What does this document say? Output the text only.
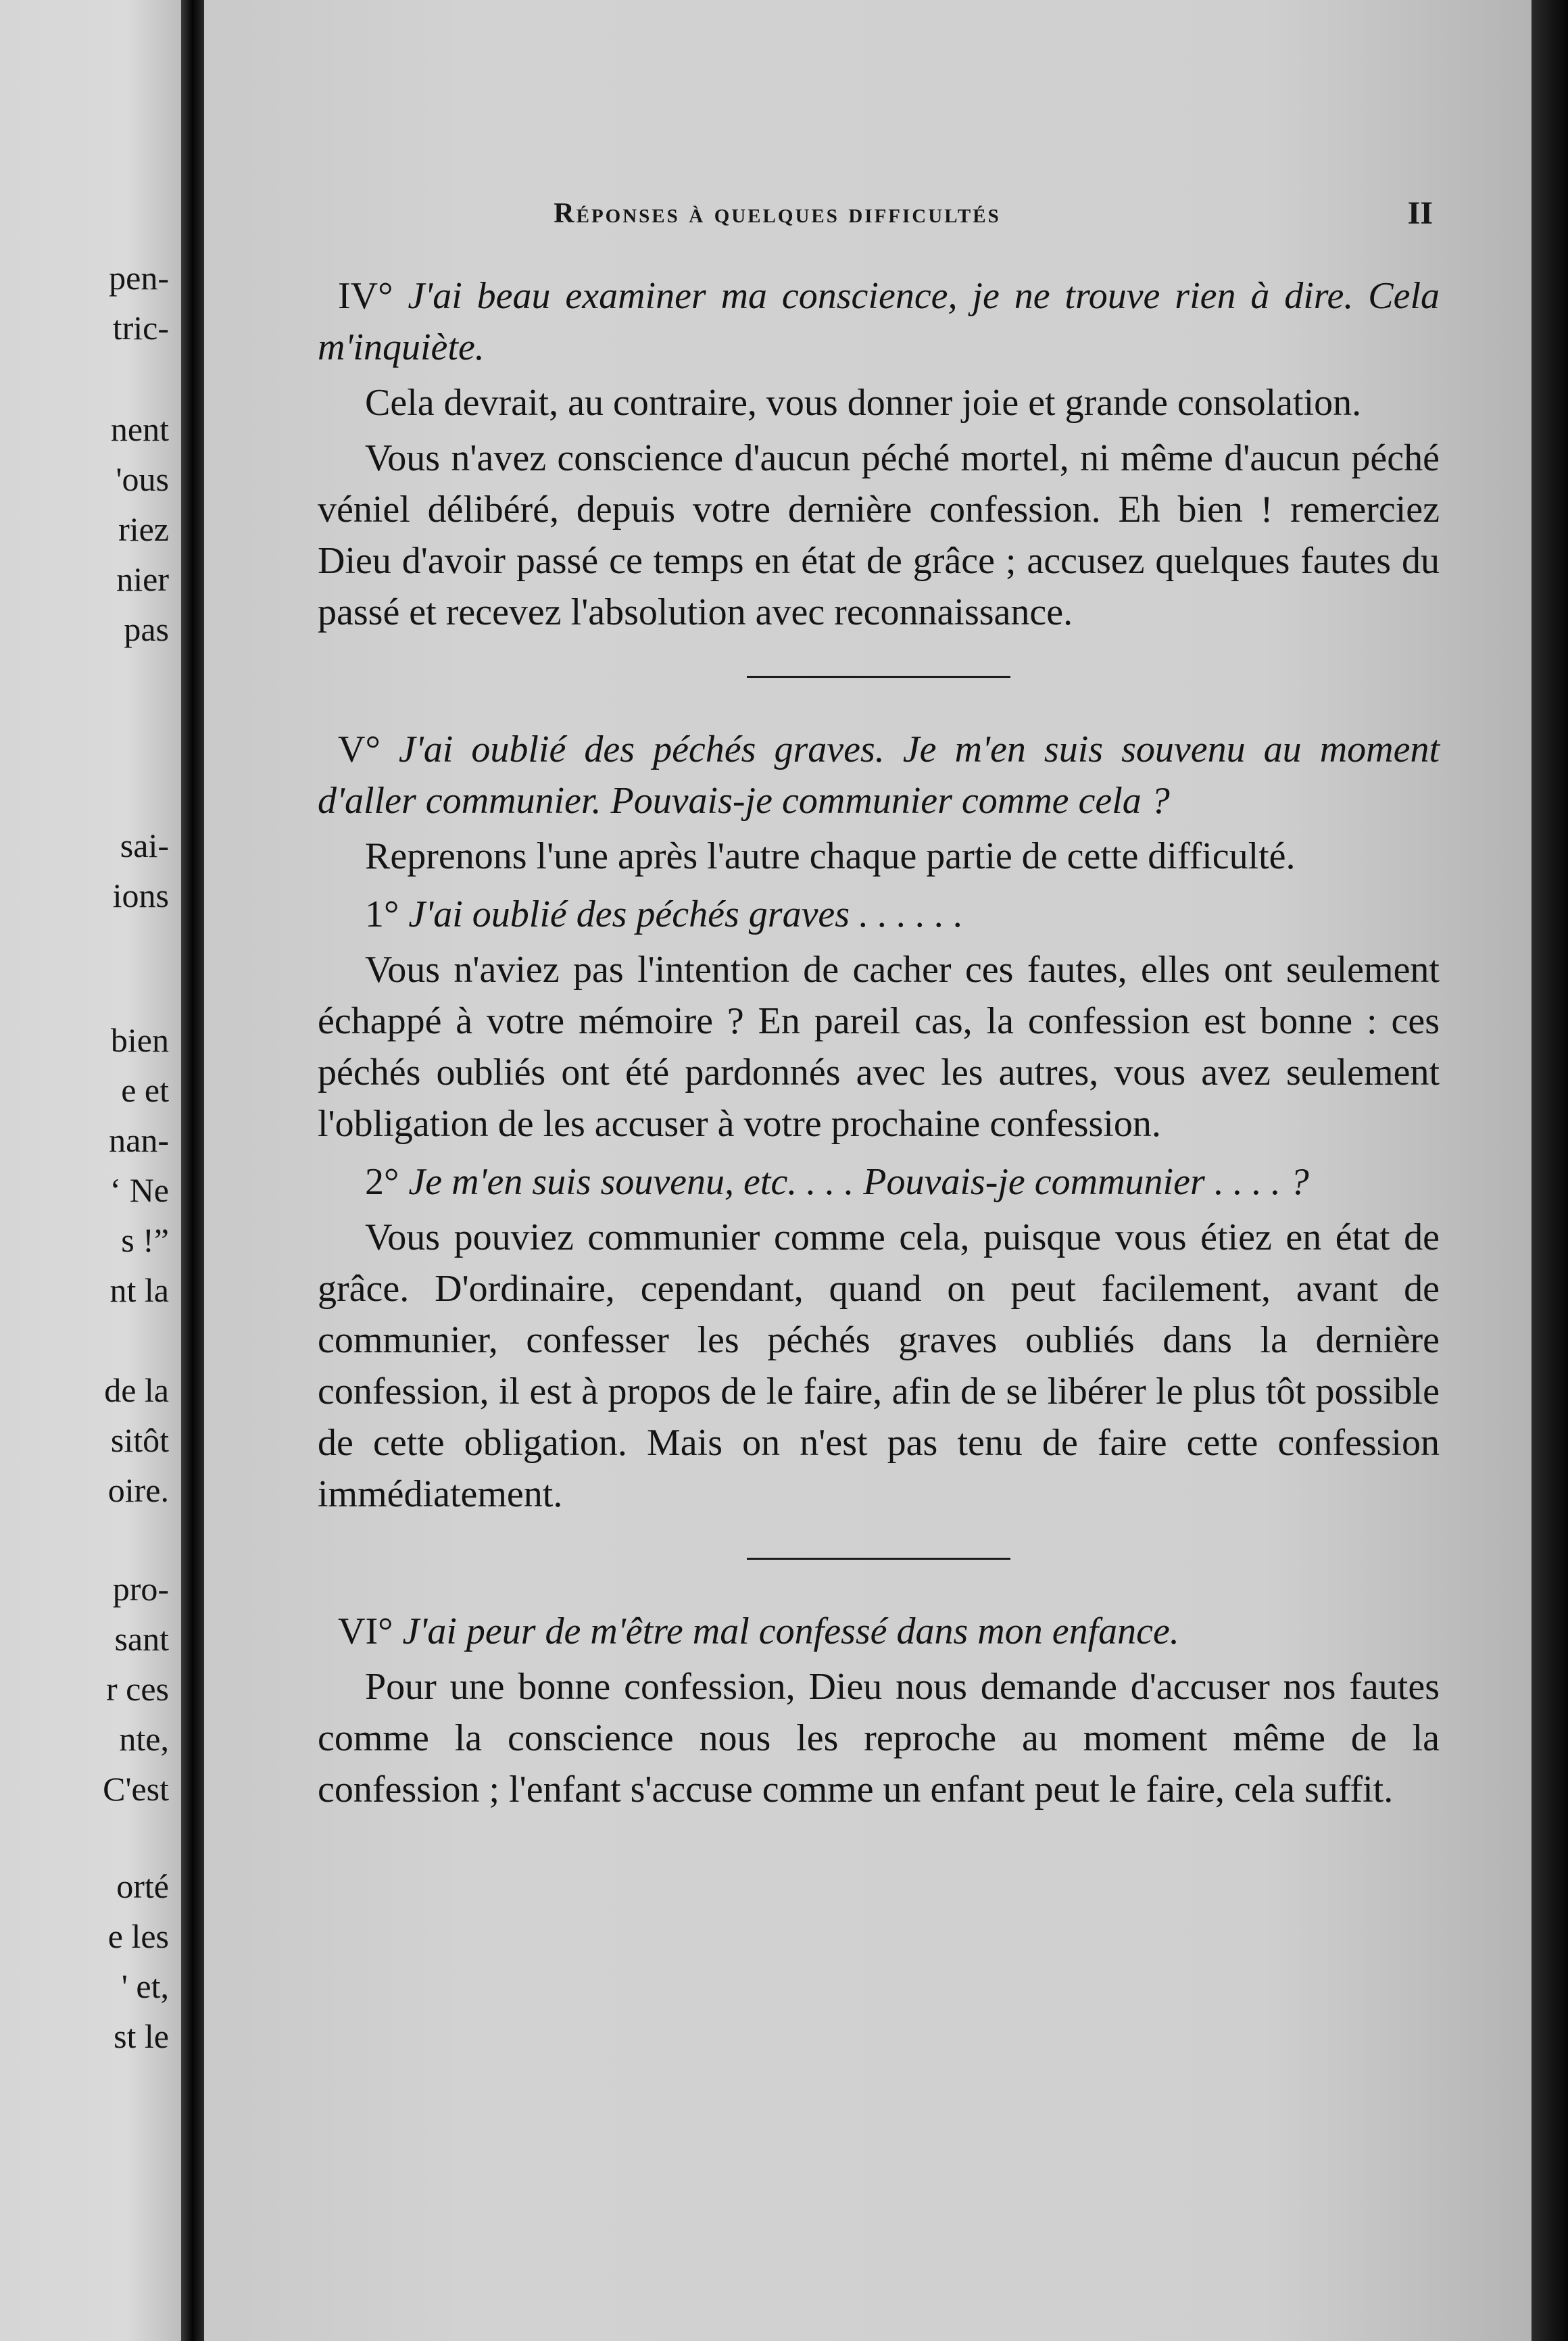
pen-
tric-
nent
'ous
riez
nier
pas
sai-
ions
bien
e et
nan-
‘ Ne
s !”
nt la
de la
sitôt
oire.
pro-
sant
r ces
nte,
C'est
orté
e les
' et,
st le
Réponses à quelques difficultés	II

IV° J'ai beau examiner ma conscience, je ne trouve rien à dire. Cela m'inquiète.

Cela devrait, au contraire, vous donner joie et grande consolation.

Vous n'avez conscience d'aucun péché mortel, ni même d'aucun péché véniel délibéré, depuis votre dernière confession. Eh bien ! remerciez Dieu d'avoir passé ce temps en état de grâce ; accusez quelques fautes du passé et recevez l'absolution avec reconnaissance.

V° J'ai oublié des péchés graves. Je m'en suis souvenu au moment d'aller communier. Pouvais-je communier comme cela ?

Reprenons l'une après l'autre chaque partie de cette difficulté.

1° J'ai oublié des péchés graves . . . . . .

Vous n'aviez pas l'intention de cacher ces fautes, elles ont seulement échappé à votre mémoire ? En pareil cas, la confession est bonne : ces péchés oubliés ont été pardonnés avec les autres, vous avez seulement l'obligation de les accuser à votre prochaine confession.

2° Je m'en suis souvenu, etc. . . . Pouvais-je communier . . . . ?

Vous pouviez communier comme cela, puisque vous étiez en état de grâce. D'ordinaire, cependant, quand on peut facilement, avant de communier, confesser les péchés graves oubliés dans la dernière confession, il est à propos de le faire, afin de se libérer le plus tôt possible de cette obligation. Mais on n'est pas tenu de faire cette confession immédiatement.

VI° J'ai peur de m'être mal confessé dans mon enfance.

Pour une bonne confession, Dieu nous demande d'accuser nos fautes comme la conscience nous les reproche au moment même de la confession ; l'enfant s'accuse comme un enfant peut le faire, cela suffit.
